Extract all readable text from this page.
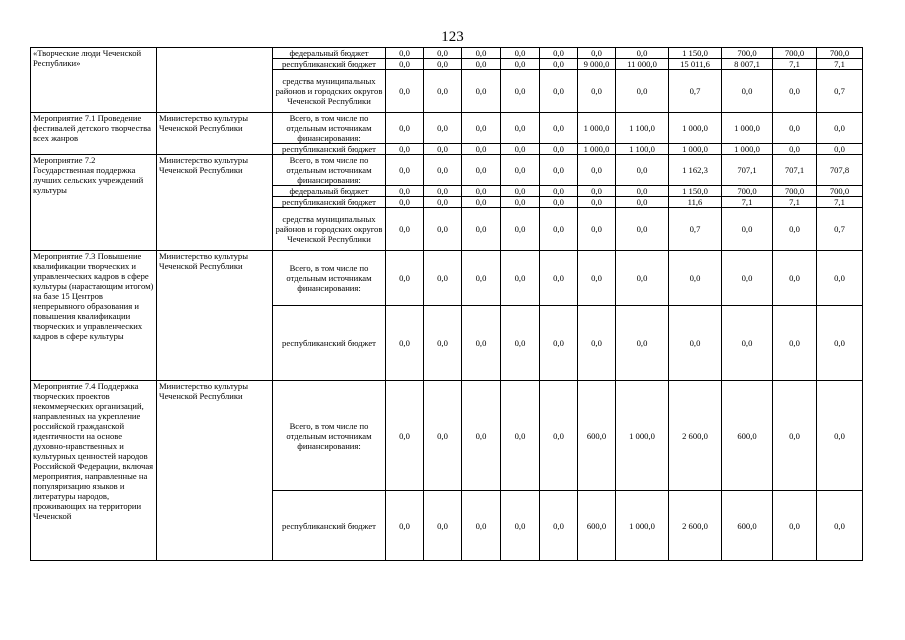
123
«Творческие люди Чеченской Республики»		федеральный бюджет	0,0	0,0	0,0	0,0	0,0	0,0	0,0	1 150,0	700,0	700,0	700,0
		республиканский бюджет	0,0	0,0	0,0	0,0	0,0	9 000,0	11 000,0	15 011,6	8 007,1	7,1	7,1
		средства муниципальных районов и городских округов Чеченской Республики	0,0	0,0	0,0	0,0	0,0	0,0	0,0	0,7	0,0	0,0	0,7
Мероприятие 7.1 Проведение фестивалей детского творчества всех жанров	Министерство культуры Чеченской Республики	Всего, в том числе по отдельным источникам финансирования:	0,0	0,0	0,0	0,0	0,0	1 000,0	1 100,0	1 000,0	1 000,0	0,0	0,0
		республиканский бюджет	0,0	0,0	0,0	0,0	0,0	1 000,0	1 100,0	1 000,0	1 000,0	0,0	0,0
Мероприятие 7.2 Государственная поддержка лучших сельских учреждений культуры	Министерство культуры Чеченской Республики	Всего, в том числе по отдельным источникам финансирования:	0,0	0,0	0,0	0,0	0,0	0,0	0,0	1 162,3	707,1	707,1	707,8
		федеральный бюджет	0,0	0,0	0,0	0,0	0,0	0,0	0,0	1 150,0	700,0	700,0	700,0
		республиканский бюджет	0,0	0,0	0,0	0,0	0,0	0,0	0,0	11,6	7,1	7,1	7,1
		средства муниципальных районов и городских округов Чеченской Республики	0,0	0,0	0,0	0,0	0,0	0,0	0,0	0,7	0,0	0,0	0,7
Мероприятие 7.3 Повышение квалификации творческих и управленческих кадров в сфере культуры (нарастающим итогом) на базе 15 Центров непрерывного образования и повышения квалификации творческих и управленческих кадров в сфере культуры	Министерство культуры Чеченской Республики	Всего, в том числе по отдельным источникам финансирования:	0,0	0,0	0,0	0,0	0,0	0,0	0,0	0,0	0,0	0,0	0,0
		республиканский бюджет	0,0	0,0	0,0	0,0	0,0	0,0	0,0	0,0	0,0	0,0	0,0
Мероприятие 7.4 Поддержка творческих проектов некоммерческих организаций, направленных на укрепление российской гражданской идентичности на основе духовно-нравственных и культурных ценностей народов Российской Федерации, включая мероприятия, направленные на популяризацию языков и литературы народов, проживающих на территории Чеченской	Министерство культуры Чеченской Республики	Всего, в том числе по отдельным источникам финансирования:	0,0	0,0	0,0	0,0	0,0	600,0	1 000,0	2 600,0	600,0	0,0	0,0
		республиканский бюджет	0,0	0,0	0,0	0,0	0,0	600,0	1 000,0	2 600,0	600,0	0,0	0,0
